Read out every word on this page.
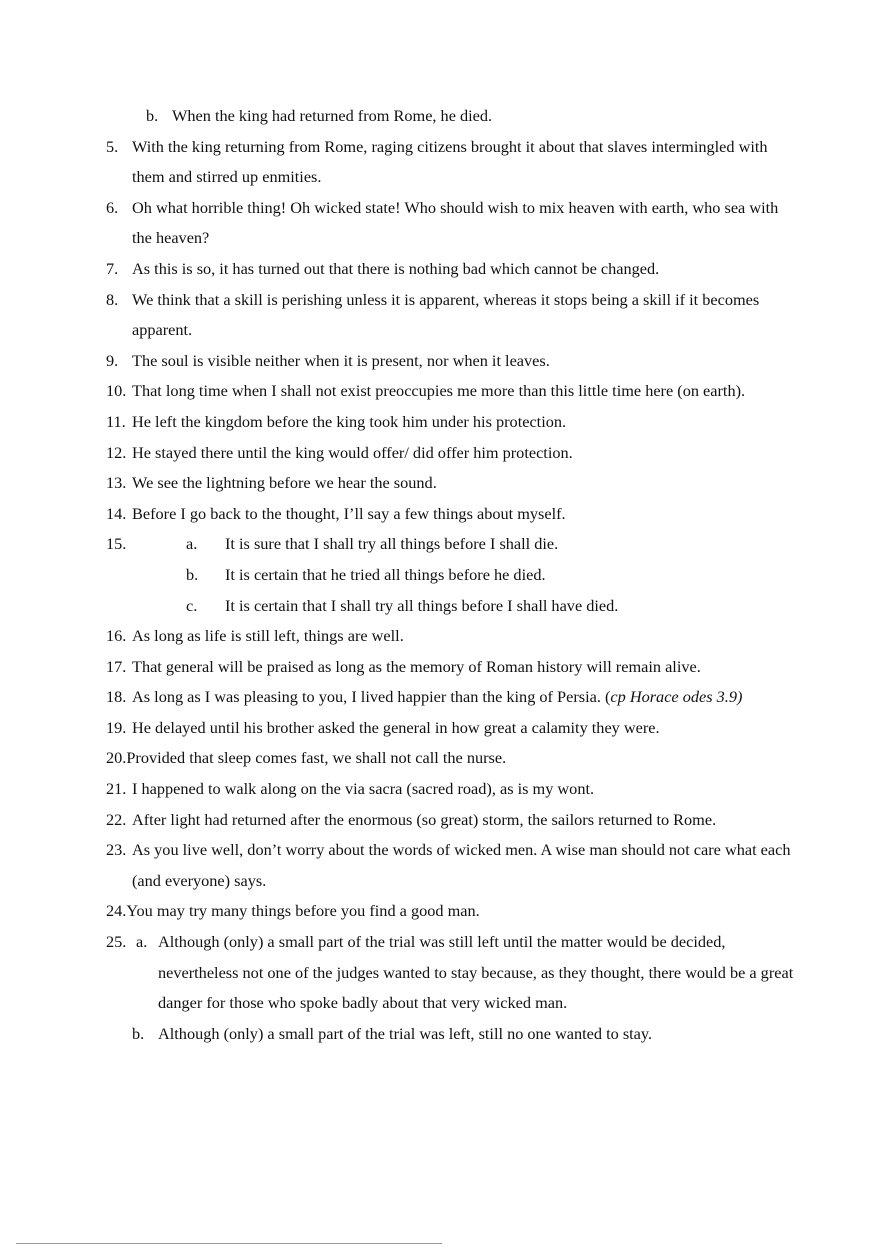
b. When the king had returned from Rome, he died.
5. With the king returning from Rome, raging citizens brought it about that slaves intermingled with them and stirred up enmities.
6. Oh what horrible thing! Oh wicked state! Who should wish to mix heaven with earth, who sea with the heaven?
7. As this is so, it has turned out that there is nothing bad which cannot be changed.
8. We think that a skill is perishing unless it is apparent, whereas it stops being a skill if it becomes apparent.
9. The soul is visible neither when it is present, nor when it leaves.
10. That long time when I shall not exist preoccupies me more than this little time here (on earth).
11. He left the kingdom before the king took him under his protection.
12. He stayed there until the king would offer/ did offer him protection.
13. We see the lightning before we hear the sound.
14. Before I go back to the thought, I’ll say a few things about myself.
15.	a. It is sure that I shall try all things before I shall die.
b. It is certain that he tried all things before he died.
c. It is certain that I shall try all things before I shall have died.
16. As long as life is still left, things are well.
17. That general will be praised as long as the memory of Roman history will remain alive.
18. As long as I was pleasing to you, I lived happier than the king of Persia. (cp Horace odes 3.9)
19. He delayed until his brother asked the general in how great a calamity they were.
20.Provided that sleep comes fast, we shall not call the nurse.
21. I happened to walk along on the via sacra (sacred road), as is my wont.
22. After light had returned after the enormous (so great) storm, the sailors returned to Rome.
23. As you live well, don’t worry about the words of wicked men. A wise man should not care what each (and everyone) says.
24.You may try many things before you find a good man.
25. a. Although (only) a small part of the trial was still left until the matter would be decided, nevertheless not one of the judges wanted to stay because, as they thought, there would be a great danger for those who spoke badly about that very wicked man.
b. Although (only) a small part of the trial was left, still no one wanted to stay.
